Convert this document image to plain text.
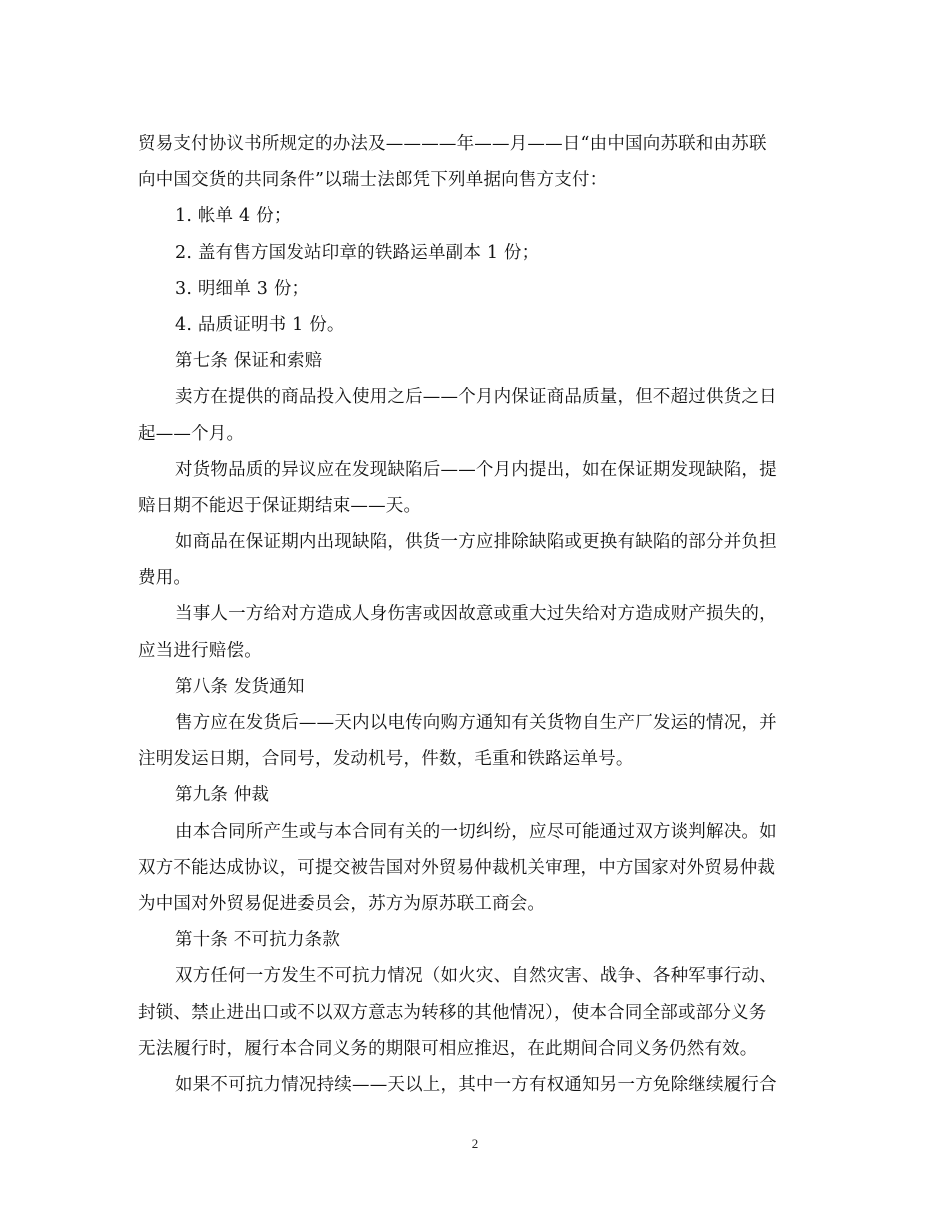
贸易支付协议书所规定的办法及————年——月——日“由中国向苏联和由苏联
向中国交货的共同条件”以瑞士法郎凭下列单据向售方支付：
1. 帐单 4 份；
2. 盖有售方国发站印章的铁路运单副本 1 份；
3. 明细单 3 份；
4. 品质证明书 1 份。
第七条 保证和索赔
卖方在提供的商品投入使用之后——个月内保证商品质量，但不超过供货之日
起——个月。
对货物品质的异议应在发现缺陷后——个月内提出，如在保证期发现缺陷，提
赔日期不能迟于保证期结束——天。
如商品在保证期内出现缺陷，供货一方应排除缺陷或更换有缺陷的部分并负担
费用。
当事人一方给对方造成人身伤害或因故意或重大过失给对方造成财产损失的，
应当进行赔偿。
第八条 发货通知
售方应在发货后——天内以电传向购方通知有关货物自生产厂发运的情况，并
注明发运日期，合同号，发动机号，件数，毛重和铁路运单号。
第九条 仲裁
由本合同所产生或与本合同有关的一切纠纷，应尽可能通过双方谈判解决。如
双方不能达成协议，可提交被告国对外贸易仲裁机关审理，中方国家对外贸易仲裁
为中国对外贸易促进委员会，苏方为原苏联工商会。
第十条 不可抗力条款
双方任何一方发生不可抗力情况（如火灾、自然灾害、战争、各种军事行动、
封锁、禁止进出口或不以双方意志为转移的其他情况），使本合同全部或部分义务
无法履行时，履行本合同义务的期限可相应推迟，在此期间合同义务仍然有效。
如果不可抗力情况持续——天以上，其中一方有权通知另一方免除继续履行合
2
